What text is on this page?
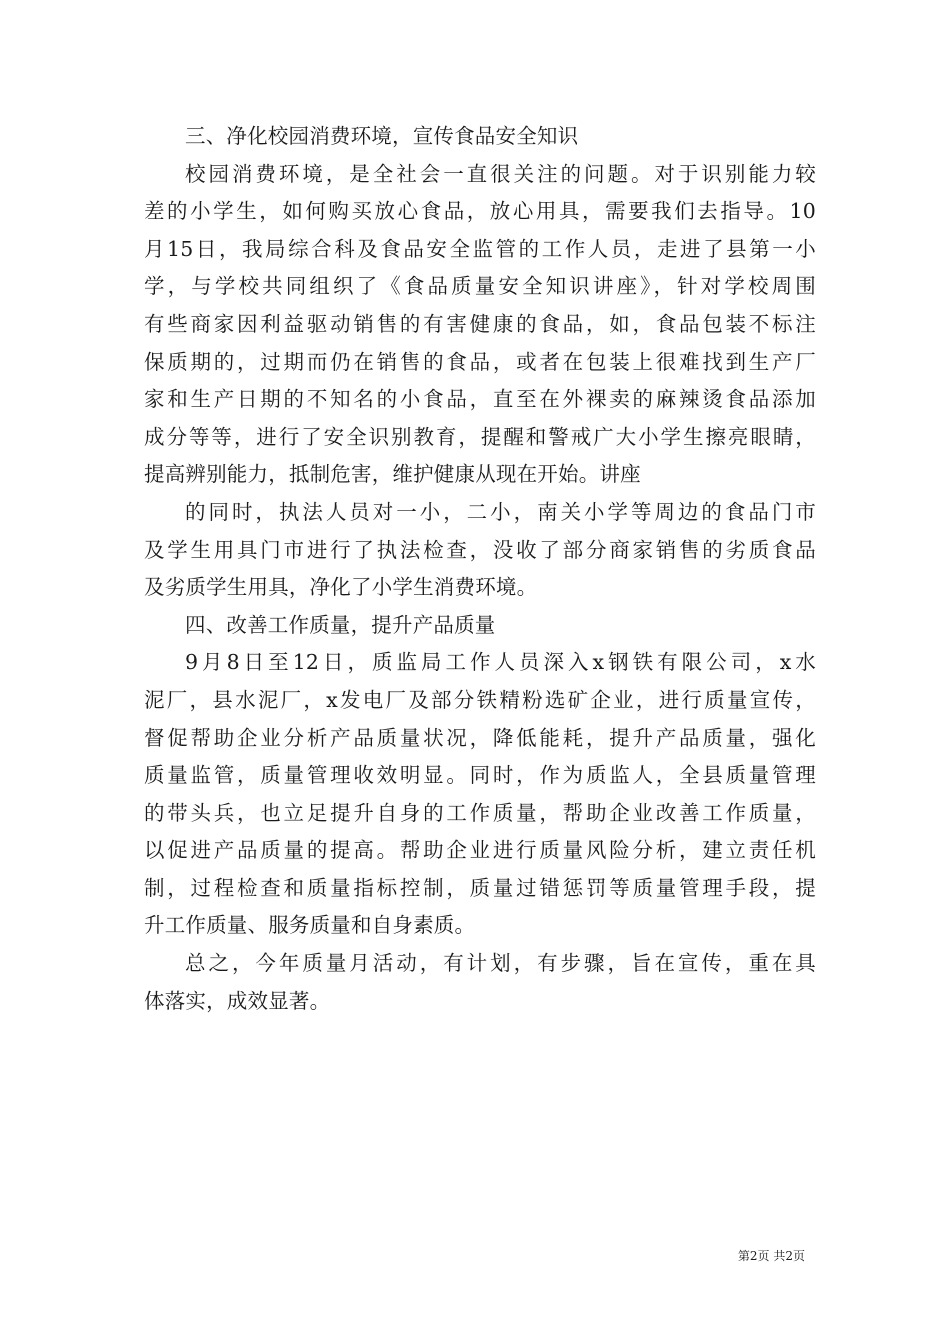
三、净化校园消费环境，宣传食品安全知识
校园消费环境，是全社会一直很关注的问题。对于识别能力较
差的小学生，如何购买放心食品，放心用具，需要我们去指导。10
月15日，我局综合科及食品安全监管的工作人员，走进了县第一小
学，与学校共同组织了《食品质量安全知识讲座》，针对学校周围
有些商家因利益驱动销售的有害健康的食品，如，食品包装不标注
保质期的，过期而仍在销售的食品，或者在包装上很难找到生产厂
家和生产日期的不知名的小食品，直至在外裸卖的麻辣烫食品添加
成分等等，进行了安全识别教育，提醒和警戒广大小学生擦亮眼睛，
提高辨别能力，抵制危害，维护健康从现在开始。讲座
的同时，执法人员对一小，二小，南关小学等周边的食品门市
及学生用具门市进行了执法检查，没收了部分商家销售的劣质食品
及劣质学生用具，净化了小学生消费环境。
四、改善工作质量，提升产品质量
9月8日至12日，质监局工作人员深入x钢铁有限公司，x水
泥厂，县水泥厂，x发电厂及部分铁精粉选矿企业，进行质量宣传，
督促帮助企业分析产品质量状况，降低能耗，提升产品质量，强化
质量监管，质量管理收效明显。同时，作为质监人，全县质量管理
的带头兵，也立足提升自身的工作质量，帮助企业改善工作质量，
以促进产品质量的提高。帮助企业进行质量风险分析，建立责任机
制，过程检查和质量指标控制，质量过错惩罚等质量管理手段，提
升工作质量、服务质量和自身素质。
总之，今年质量月活动，有计划，有步骤，旨在宣传，重在具
体落实，成效显著。
第2页 共2页
